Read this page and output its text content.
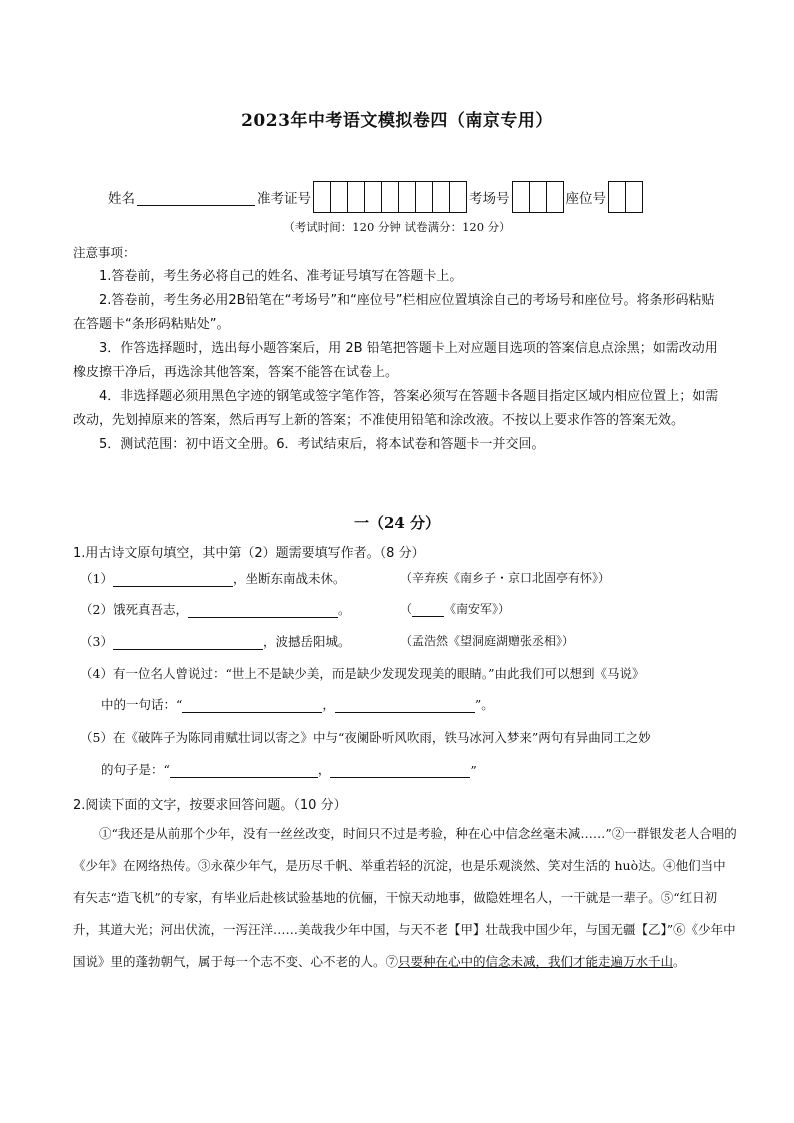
2023年中考语文模拟卷四（南京专用）
姓名	准考证号	考场号	座位号
（考试时间：120 分钟 试卷满分：120 分）
注意事项：

1.答卷前，考生务必将自己的姓名、准考证号填写在答题卡上。

2.答卷前，考生务必用2B铅笔在“考场号”和“座位号”栏相应位置填涂自己的考场号和座位号。将条形码粘贴在答题卡“条形码粘贴处”。

3．作答选择题时，选出每小题答案后，用 2B 铅笔把答题卡上对应题目选项的答案信息点涂黑；如需改动用橡皮擦干净后，再选涂其他答案，答案不能答在试卷上。

4．非选择题必须用黑色字迹的钢笔或签字笔作答，答案必须写在答题卡各题目指定区域内相应位置上；如需改动，先划掉原来的答案，然后再写上新的答案；不准使用铅笔和涂改液。不按以上要求作答的答案无效。

5．测试范围：初中语文全册。6．考试结束后，将本试卷和答题卡一并交回。

一（24 分）
1.用古诗文原句填空，其中第（2）题需要填写作者。（8 分）
（1）	，坐断东南战未休。	（辛弃疾《南乡子・京口北固亭有怀》）
（2） 饿死真吾志，	。	（	《南安军》）
（3）	，波撼岳阳城。	（孟浩然《望洞庭湖赠张丞相》）
（4）有一位名人曾说过：“世上不是缺少美，而是缺少发现发现美的眼睛。”由此我们可以想到《马说》
中的一句话：“	，	”。
（5）在《破阵子为陈同甫赋壮词以寄之》中与“夜阑卧听风吹雨，铁马冰河入梦来”两句有异曲同工之妙
的句子是：“	，	”
2.阅读下面的文字，按要求回答问题。（10 分）

①“我还是从前那个少年，没有一丝丝改变，时间只不过是考验，种在心中信念丝毫未减……”②一群银发老人合唱的《少年》在网络热传。③永葆少年气，是历尽千帆、举重若轻的沉淀，也是乐观淡然、笑对生活的 huò达。④他们当中有矢志“造飞机”的专家，有毕业后赴核试验基地的伉俪，干惊天动地事，做隐姓埋名人，一干就是一辈子。⑤“红日初升，其道大光；河出伏流，一泻汪洋……美哉我少年中国，与天不老【甲】壮哉我中国少年，与国无疆【乙】”⑥《少年中国说》里的蓬勃朝气，属于每一个志不变、心不老的人。⑦只要种在心中的信念未减，我们才能走遍万水千山。
